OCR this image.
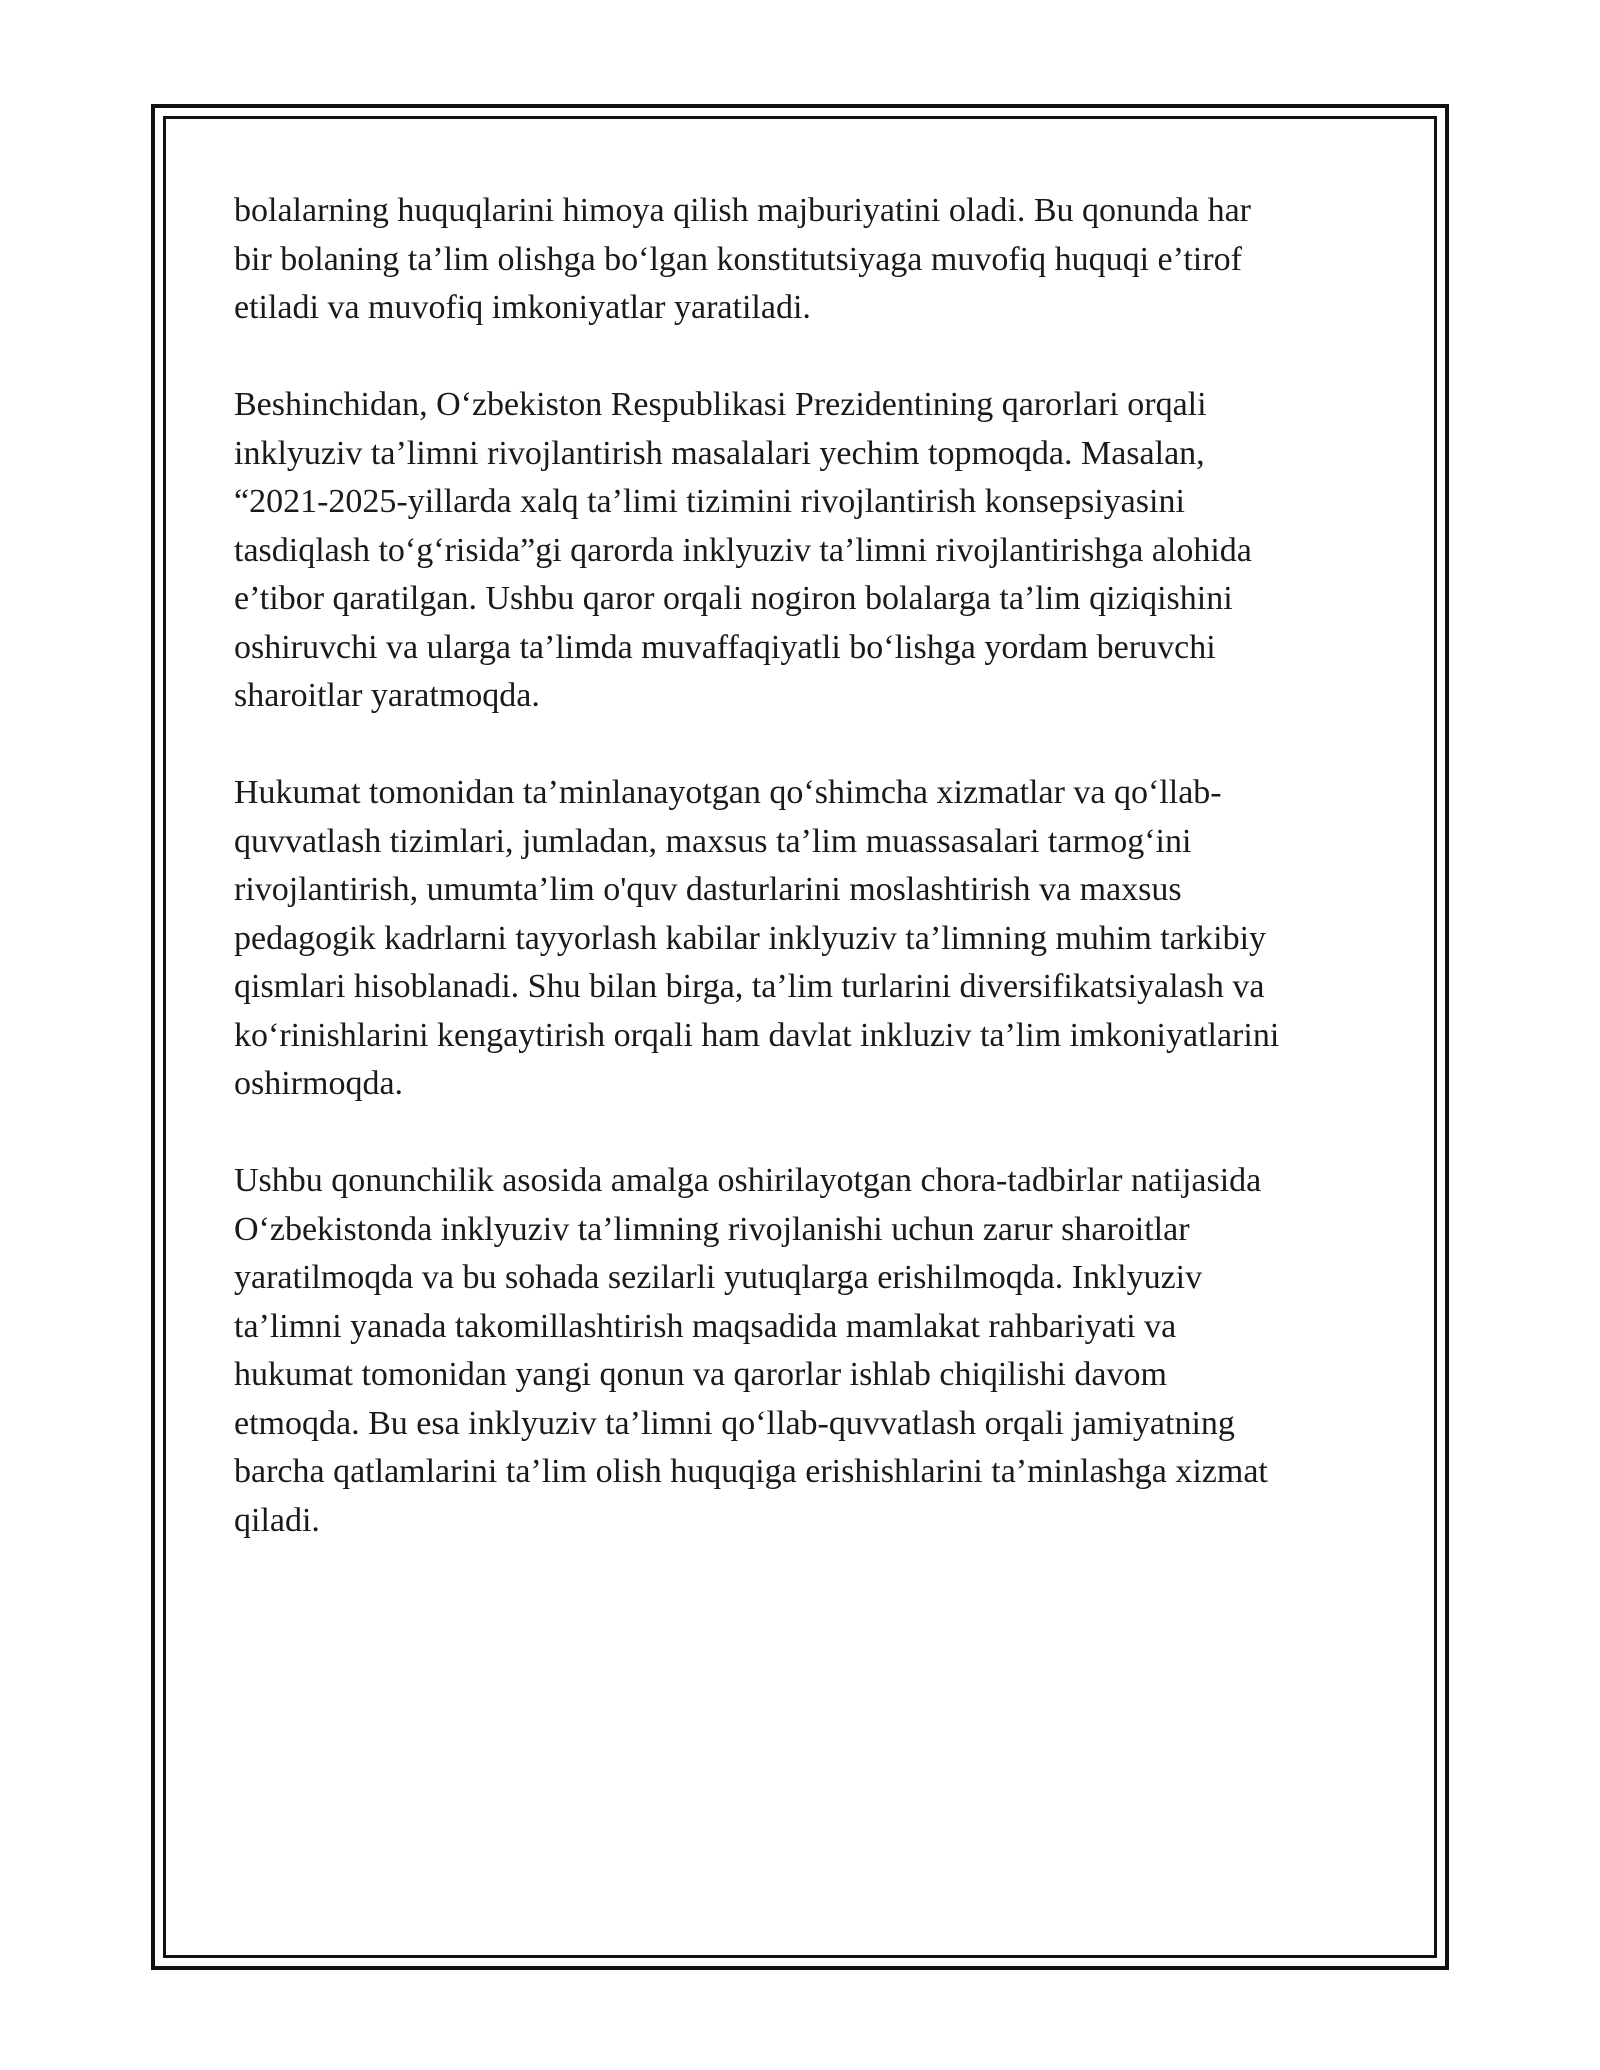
bolalarning huquqlarini himoya qilish majburiyatini oladi. Bu qonunda har
bir bolaning ta’lim olishga bo‘lgan konstitutsiyaga muvofiq huquqi e’tirof
etiladi va muvofiq imkoniyatlar yaratiladi.

Beshinchidan, O‘zbekiston Respublikasi Prezidentining qarorlari orqali
inklyuziv ta’limni rivojlantirish masalalari yechim topmoqda. Masalan,
“2021-2025-yillarda xalq ta’limi tizimini rivojlantirish konsepsiyasini
tasdiqlash to‘g‘risida”gi qarorda inklyuziv ta’limni rivojlantirishga alohida
e’tibor qaratilgan. Ushbu qaror orqali nogiron bolalarga ta’lim qiziqishini
oshiruvchi va ularga ta’limda muvaffaqiyatli bo‘lishga yordam beruvchi
sharoitlar yaratmoqda.

Hukumat tomonidan ta’minlanayotgan qo‘shimcha xizmatlar va qo‘llab-
quvvatlash tizimlari, jumladan, maxsus ta’lim muassasalari tarmog‘ini
rivojlantirish, umumta’lim o'quv dasturlarini moslashtirish va maxsus
pedagogik kadrlarni tayyorlash kabilar inklyuziv ta’limning muhim tarkibiy
qismlari hisoblanadi. Shu bilan birga, ta’lim turlarini diversifikatsiyalash va
ko‘rinishlarini kengaytirish orqali ham davlat inkluziv ta’lim imkoniyatlarini
oshirmoqda.

Ushbu qonunchilik asosida amalga oshirilayotgan chora-tadbirlar natijasida
O‘zbekistonda inklyuziv ta’limning rivojlanishi uchun zarur sharoitlar
yaratilmoqda va bu sohada sezilarli yutuqlarga erishilmoqda. Inklyuziv
ta’limni yanada takomillashtirish maqsadida mamlakat rahbariyati va
hukumat tomonidan yangi qonun va qarorlar ishlab chiqilishi davom
etmoqda. Bu esa inklyuziv ta’limni qo‘llab-quvvatlash orqali jamiyatning
barcha qatlamlarini ta’lim olish huquqiga erishishlarini ta’minlashga xizmat
qiladi.
